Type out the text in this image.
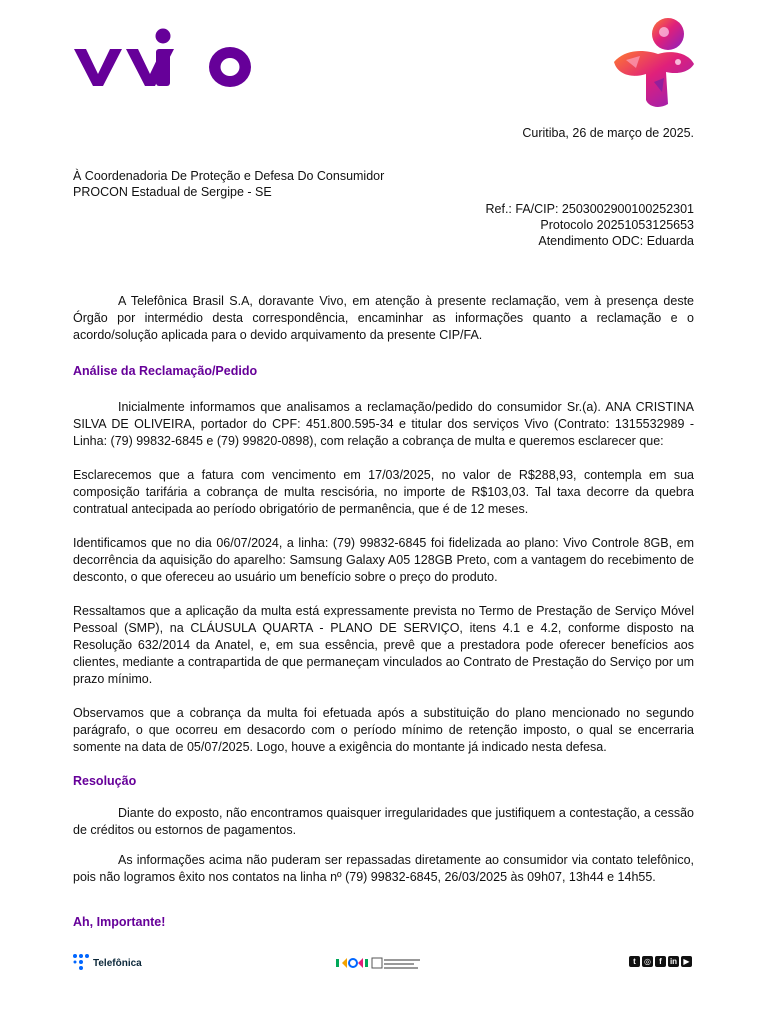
Curitiba, 26 de março de 2025.
À Coordenadoria De Proteção e Defesa Do Consumidor
PROCON Estadual de Sergipe - SE
Ref.: FA/CIP: 2503002900100252301
Protocolo 20251053125653
Atendimento ODC: Eduarda
A Telefônica Brasil S.A, doravante Vivo, em atenção à presente reclamação, vem à presença deste Órgão por intermédio desta correspondência, encaminhar as informações quanto a reclamação e o acordo/solução aplicada para o devido arquivamento da presente CIP/FA.
Análise da Reclamação/Pedido
Inicialmente informamos que analisamos a reclamação/pedido do consumidor Sr.(a). ANA CRISTINA SILVA DE OLIVEIRA, portador do CPF: 451.800.595-34 e titular dos serviços Vivo (Contrato: 1315532989 - Linha: (79) 99832-6845 e (79) 99820-0898), com relação a cobrança de multa e queremos esclarecer que:
Esclarecemos que a fatura com vencimento em 17/03/2025, no valor de R$288,93, contempla em sua composição tarifária a cobrança de multa rescisória, no importe de R$103,03. Tal taxa decorre da quebra contratual antecipada ao período obrigatório de permanência, que é de 12 meses.
Identificamos que no dia 06/07/2024, a linha: (79) 99832-6845 foi fidelizada ao plano: Vivo Controle 8GB, em decorrência da aquisição do aparelho: Samsung Galaxy A05 128GB Preto, com a vantagem do recebimento de desconto, o que ofereceu ao usuário um benefício sobre o preço do produto.
Ressaltamos que a aplicação da multa está expressamente prevista no Termo de Prestação de Serviço Móvel Pessoal (SMP), na CLÁUSULA QUARTA - PLANO DE SERVIÇO, itens 4.1 e 4.2, conforme disposto na Resolução 632/2014 da Anatel, e, em sua essência, prevê que a prestadora pode oferecer benefícios aos clientes, mediante a contrapartida de que permaneçam vinculados ao Contrato de Prestação do Serviço por um prazo mínimo.
Observamos que a cobrança da multa foi efetuada após a substituição do plano mencionado no segundo parágrafo, o que ocorreu em desacordo com o período mínimo de retenção imposto, o qual se encerraria somente na data de 05/07/2025. Logo, houve a exigência do montante já indicado nesta defesa.
Resolução
Diante do exposto, não encontramos quaisquer irregularidades que justifiquem a contestação, a cessão de créditos ou estornos de pagamentos.
As informações acima não puderam ser repassadas diretamente ao consumidor via contato telefônico, pois não logramos êxito nos contatos na linha nº (79) 99832-6845, 26/03/2025 às 09h07, 13h44 e 14h55.
Ah, Importante!
Telefônica	t	◎	f	in ▶
